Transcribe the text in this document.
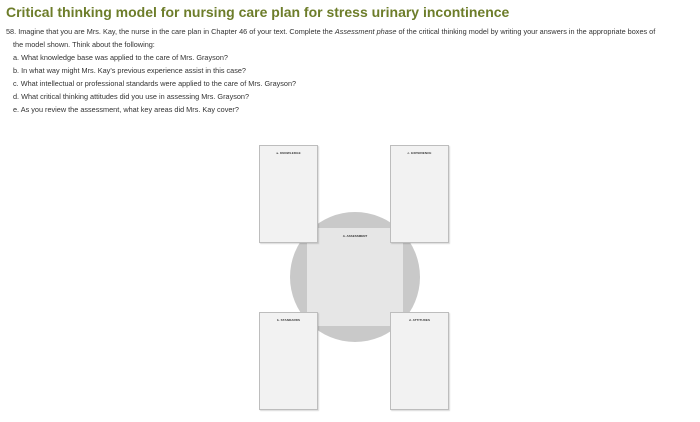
Critical thinking model for nursing care plan for stress urinary incontinence
58. Imagine that you are Mrs. Kay, the nurse in the care plan in Chapter 46 of your text. Complete the Assessment phase of the critical thinking model by writing your answers in the appropriate boxes of
the model shown. Think about the following:
a. What knowledge base was applied to the care of Mrs. Grayson?
b. In what way might Mrs. Kay's previous experience assist in this case?
c. What intellectual or professional standards were applied to the care of Mrs. Grayson?
d. What critical thinking attitudes did you use in assessing Mrs. Grayson?
e. As you review the assessment, what key areas did Mrs. Kay cover?
A. ASSESSMENT
a. KNOWLEDGE	c. EXPERIENCE
b. STANDARDS	d. ATTITUDES
